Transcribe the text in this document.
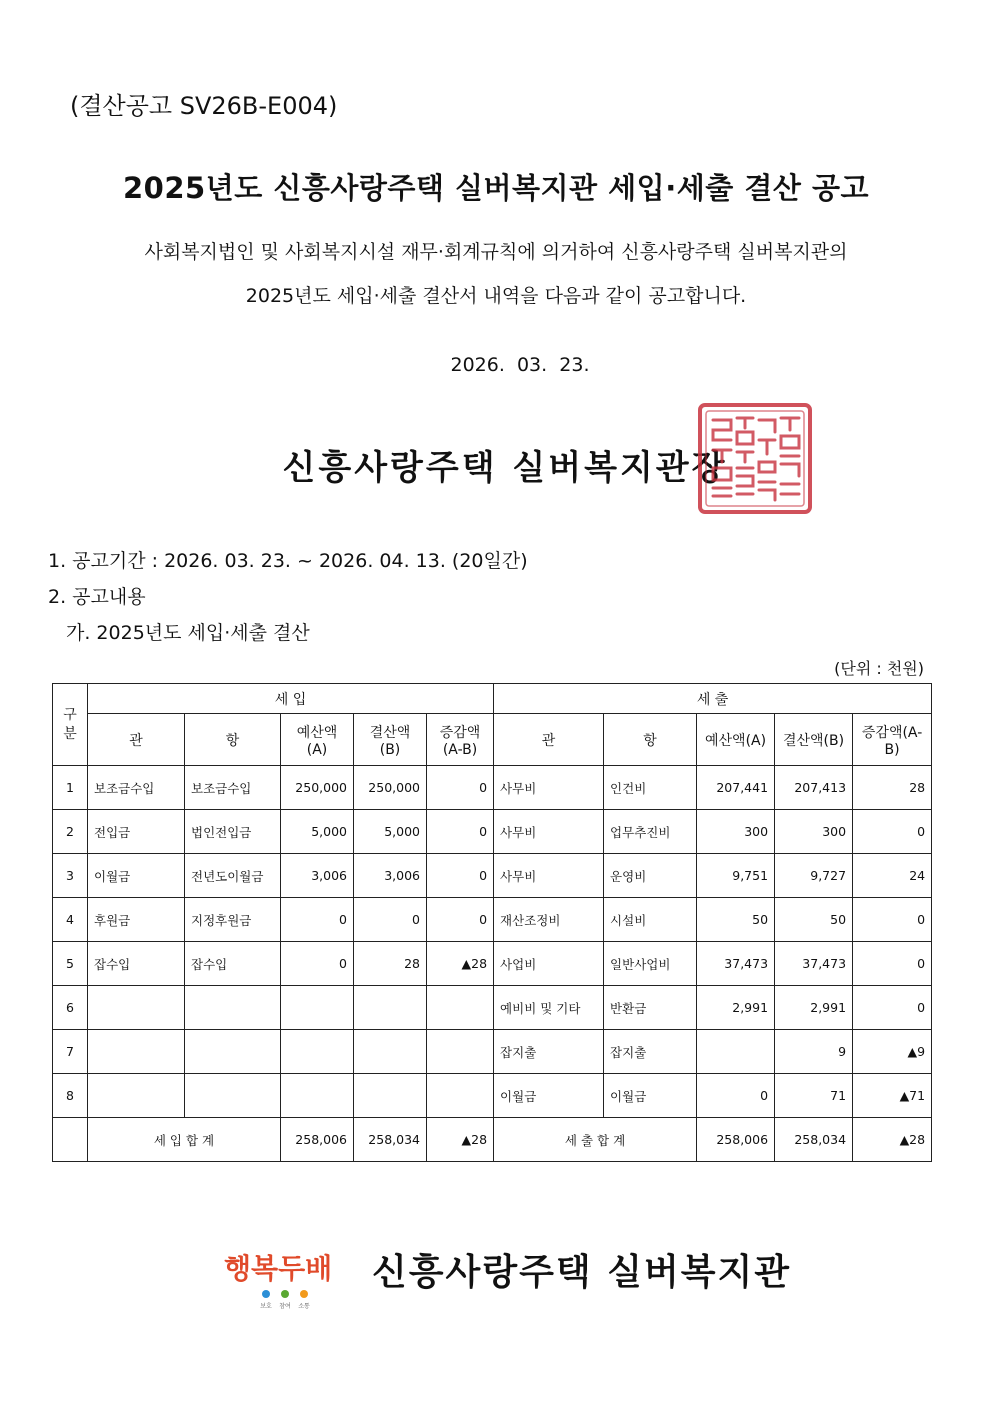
(결산공고 SV26B-E004)
2025년도 신흥사랑주택 실버복지관 세입·세출 결산 공고
사회복지법인 및 사회복지시설 재무·회계규칙에 의거하여 신흥사랑주택 실버복지관의
2025년도 세입·세출 결산서 내역을 다음과 같이 공고합니다.
2026.  03.  23.
신흥사랑주택 실버복지관장
1. 공고기간 : 2026. 03. 23. ~ 2026. 04. 13. (20일간)
2. 공고내용
가. 2025년도 세입·세출 결산
(단위 : 천원)
구 분	세 입					세 출				
	관	항	예산액(A)	결산액(B)	증감액(A-B)	관	항	예산액(A)	결산액(B)	증감액(A-B)
1	보조금수입	보조금수입	250,000	250,000	0	사무비	인건비	207,441	207,413	28
2	전입금	법인전입금	5,000	5,000	0	사무비	업무추진비	300	300	0
3	이월금	전년도이월금	3,006	3,006	0	사무비	운영비	9,751	9,727	24
4	후원금	지정후원금	0	0	0	재산조정비	시설비	50	50	0
5	잡수입	잡수입	0	28	▲28	사업비	일반사업비	37,473	37,473	0
6						예비비 및 기타	반환금	2,991	2,991	0
7						잡지출	잡지출		9	▲9
8						이월금	이월금	0	71	▲71
	세 입 합 계		258,006	258,034	▲28	세 출 합 계		258,006	258,034	▲28
행복두배
보호 참여 소통
신흥사랑주택 실버복지관
